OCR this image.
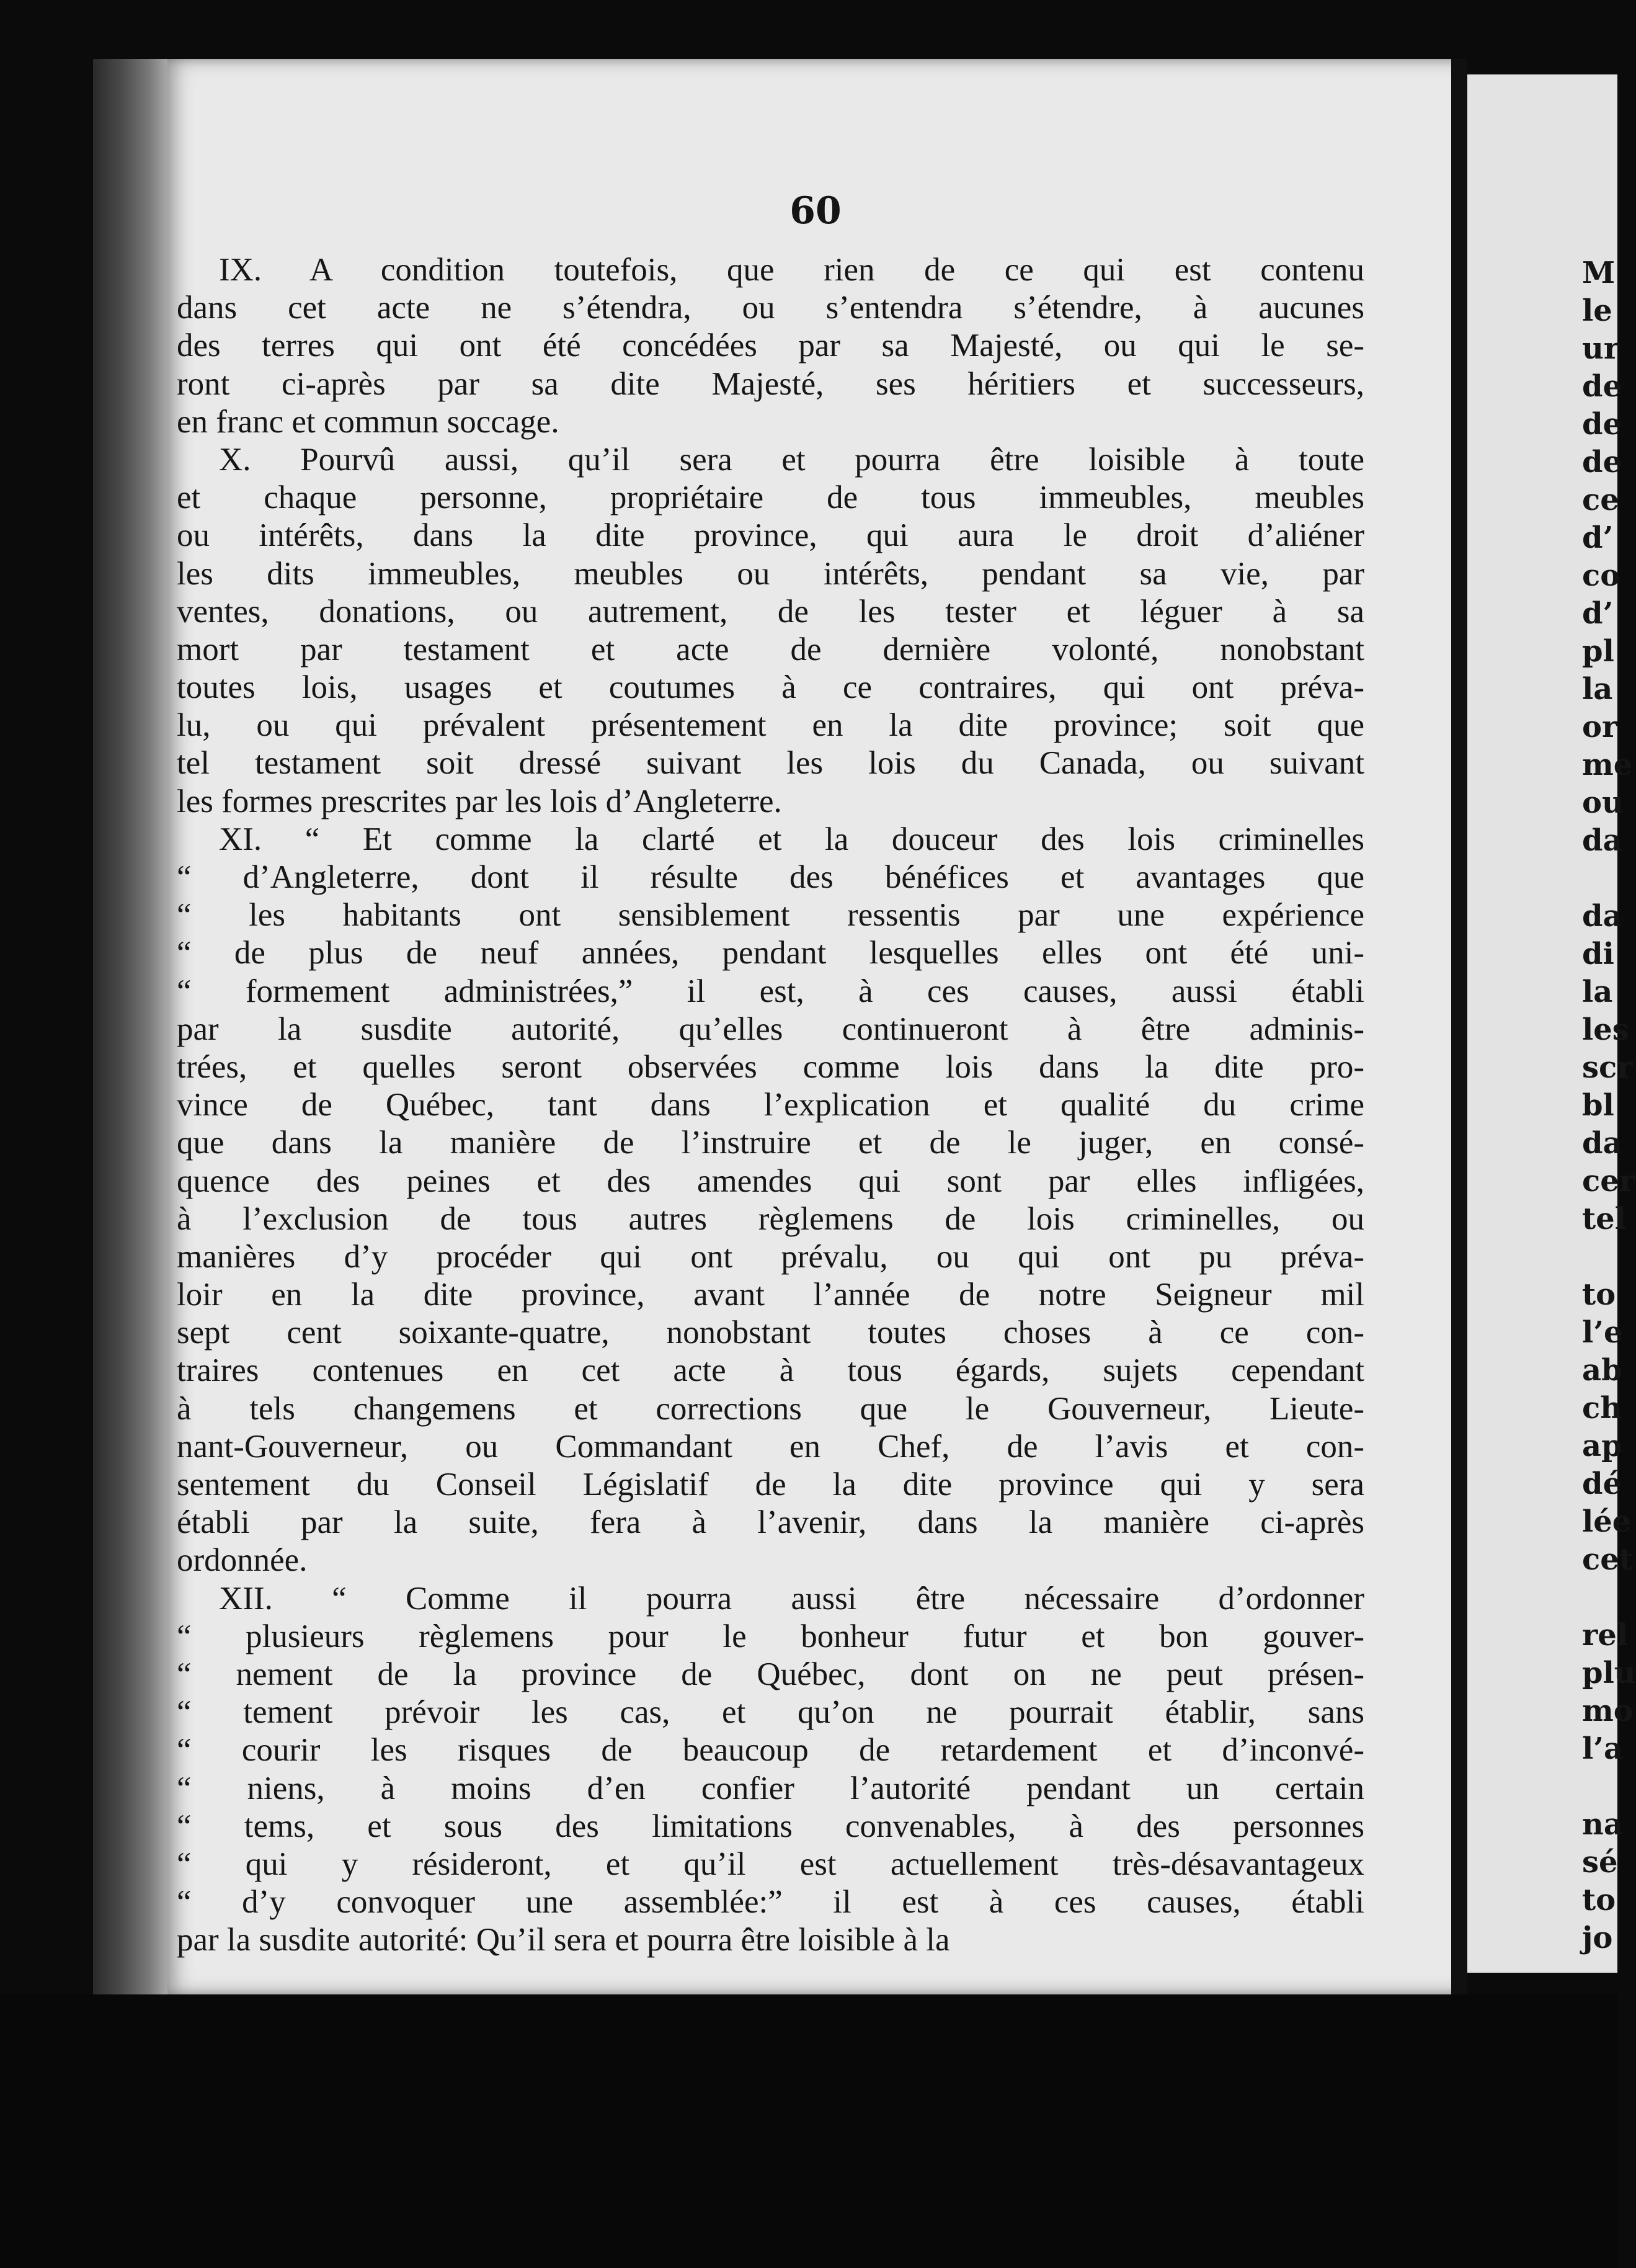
60

IX. A condition toutefois, que rien de ce qui est contenu
dans cet acte ne s’étendra, ou s’entendra s’étendre, à aucunes
des terres qui ont été concédées par sa Majesté, ou qui le se-
ront ci-après par sa dite Majesté, ses héritiers et successeurs,
en franc et commun soccage.

X. Pourvû aussi, qu’il sera et pourra être loisible à toute
et chaque personne, propriétaire de tous immeubles, meubles
ou intérêts, dans la dite province, qui aura le droit d’aliéner
les dits immeubles, meubles ou intérêts, pendant sa vie, par
ventes, donations, ou autrement, de les tester et léguer à sa
mort par testament et acte de dernière volonté, nonobstant
toutes lois, usages et coutumes à ce contraires, qui ont préva-
lu, ou qui prévalent présentement en la dite province; soit que
tel testament soit dressé suivant les lois du Canada, ou suivant
les formes prescrites par les lois d’Angleterre.

XI. “ Et comme la clarté et la douceur des lois criminelles
“ d’Angleterre, dont il résulte des bénéfices et avantages que
“ les habitants ont sensiblement ressentis par une expérience
“ de plus de neuf années, pendant lesquelles elles ont été uni-
“ formement administrées,” il est, à ces causes, aussi établi
par la susdite autorité, qu’elles continueront à être adminis-
trées, et quelles seront observées comme lois dans la dite pro-
vince de Québec, tant dans l’explication et qualité du crime
que dans la manière de l’instruire et de le juger, en consé-
quence des peines et des amendes qui sont par elles infligées,
à l’exclusion de tous autres règlemens de lois criminelles, ou
manières d’y procéder qui ont prévalu, ou qui ont pu préva-
loir en la dite province, avant l’année de notre Seigneur mil
sept cent soixante-quatre, nonobstant toutes choses à ce con-
traires contenues en cet acte à tous égards, sujets cependant
à tels changemens et corrections que le Gouverneur, Lieute-
nant-Gouverneur, ou Commandant en Chef, de l’avis et con-
sentement du Conseil Législatif de la dite province qui y sera
établi par la suite, fera à l’avenir, dans la manière ci-après
ordonnée.

XII. “ Comme il pourra aussi être nécessaire d’ordonner
“ plusieurs règlemens pour le bonheur futur et bon gouver-
“ nement de la province de Québec, dont on ne peut présen-
“ tement prévoir les cas, et qu’on ne pourrait établir, sans
“ courir les risques de beaucoup de retardement et d’inconvé-
“ niens, à moins d’en confier l’autorité pendant un certain
“ tems, et sous des limitations convenables, à des personnes
“ qui y résideront, et qu’il est actuellement très-désavantageux
“ d’y convoquer une assemblée:” il est à ces causes, établi
par la susdite autorité: Qu’il sera et pourra être loisible à la

M
le
ur
de
de
de
ce
d’
co
d’
pl
la
or
me
ou
da
da
di
la
les
scr
bl
da
cer
tel
to
l’e
ab
ch
ap
dé
lée
cet
rel
plu
mo
l’a
na
sé
to
jo
